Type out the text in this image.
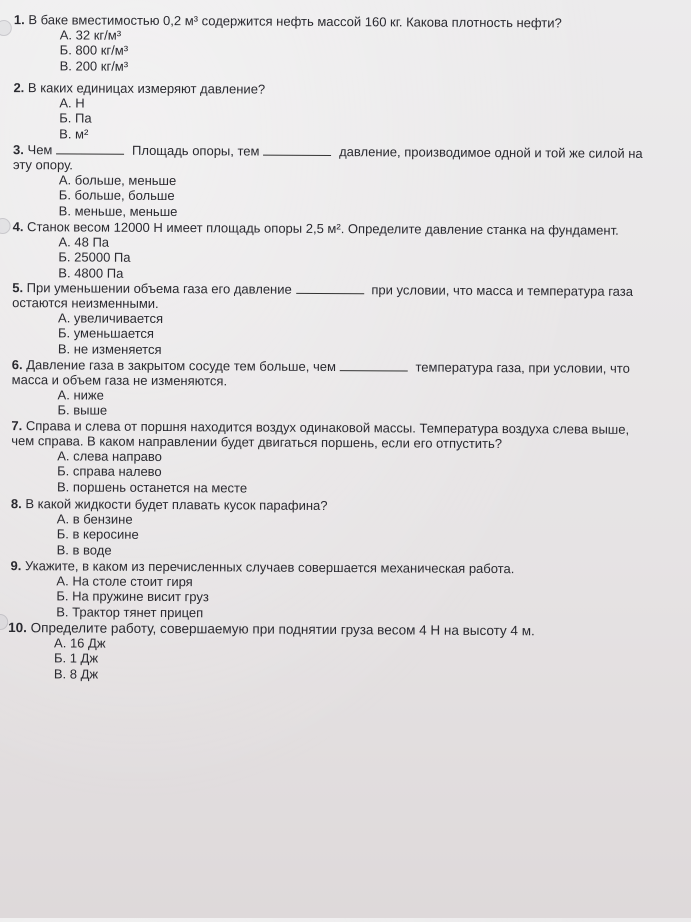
1. В баке вместимостью 0,2 м³ содержится нефть массой 160 кг. Какова плотность нефти?
А. 32 кг/м³
Б. 800 кг/м³
В. 200 кг/м³
2. В каких единицах измеряют давление?
А. Н
Б. Па
В. м²
3. Чем	Площадь опоры, тем	давление, производимое одной и той же силой на
эту опору.
А. больше, меньше
Б. больше, больше
В. меньше, меньше
4. Станок весом 12000 Н имеет площадь опоры 2,5 м². Определите давление станка на фундамент.
А. 48 Па
Б. 25000 Па
В. 4800 Па
5. При уменьшении объема газа его давление	при условии, что масса и температура газа
остаются неизменными.
А. увеличивается
Б. уменьшается
В. не изменяется
6. Давление газа в закрытом сосуде тем больше, чем	температура газа, при условии, что
масса и объем газа не изменяются.
А. ниже
Б. выше
7. Справа и слева от поршня находится воздух одинаковой массы. Температура воздуха слева выше,
чем справа. В каком направлении будет двигаться поршень, если его отпустить?
А. слева направо
Б. справа налево
В. поршень останется на месте
8. В какой жидкости будет плавать кусок парафина?
А. в бензине
Б. в керосине
В. в воде
9. Укажите, в каком из перечисленных случаев совершается механическая работа.
А. На столе стоит гиря
Б. На пружине висит груз
В. Трактор тянет прицеп
10. Определите работу, совершаемую при поднятии груза весом 4 Н на высоту 4 м.
А. 16 Дж
Б. 1 Дж
В. 8 Дж
